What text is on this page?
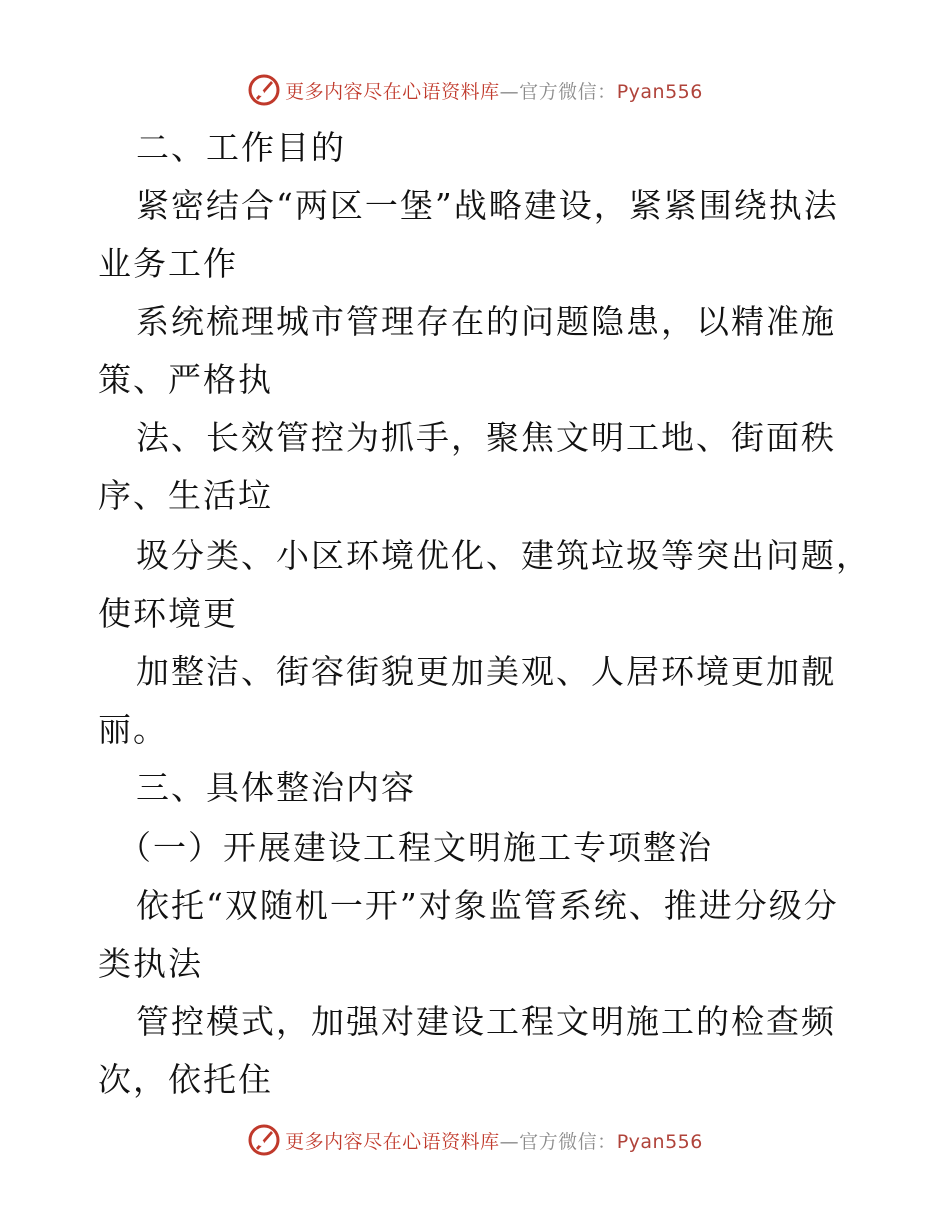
更多内容尽在心语资料库—官方微信：Pyan556
二、工作目的
紧密结合“两区一堡”战略建设，紧紧围绕执法
业务工作
系统梳理城市管理存在的问题隐患，以精准施
策、严格执
法、长效管控为抓手，聚焦文明工地、街面秩
序、生活垃
圾分类、小区环境优化、建筑垃圾等突出问题，
使环境更
加整洁、街容街貌更加美观、人居环境更加靓
丽。
三、具体整治内容
（一）开展建设工程文明施工专项整治
依托“双随机一开”对象监管系统、推进分级分
类执法
管控模式，加强对建设工程文明施工的检查频
次，依托住
更多内容尽在心语资料库—官方微信：Pyan556
